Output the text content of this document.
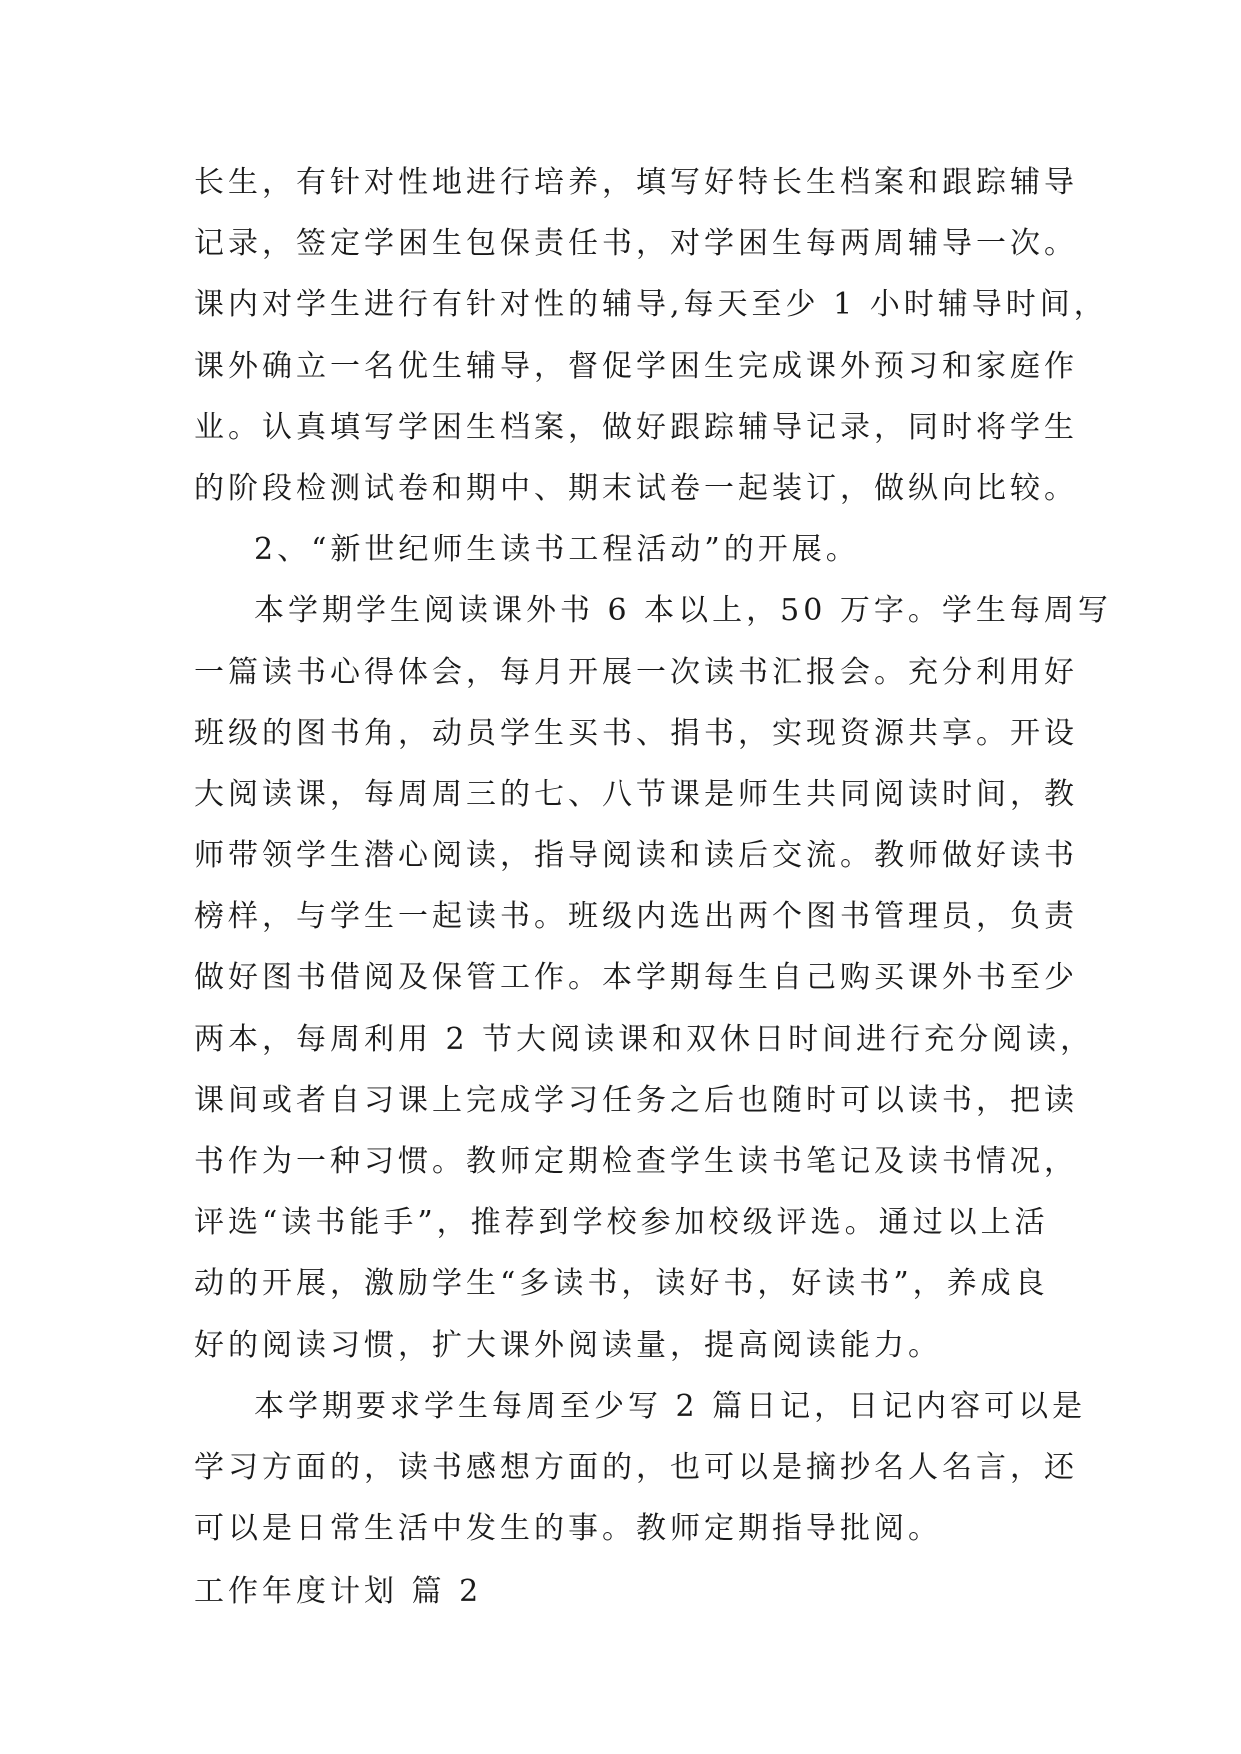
长生，有针对性地进行培养，填写好特长生档案和跟踪辅导
记录，签定学困生包保责任书，对学困生每两周辅导一次。
课内对学生进行有针对性的辅导,每天至少 1 小时辅导时间，
课外确立一名优生辅导，督促学困生完成课外预习和家庭作
业。认真填写学困生档案，做好跟踪辅导记录，同时将学生
的阶段检测试卷和期中、期末试卷一起装订，做纵向比较。
2、“新世纪师生读书工程活动”的开展。
本学期学生阅读课外书 6 本以上，50 万字。学生每周写
一篇读书心得体会，每月开展一次读书汇报会。充分利用好
班级的图书角，动员学生买书、捐书，实现资源共享。开设
大阅读课，每周周三的七、八节课是师生共同阅读时间，教
师带领学生潜心阅读，指导阅读和读后交流。教师做好读书
榜样，与学生一起读书。班级内选出两个图书管理员，负责
做好图书借阅及保管工作。本学期每生自己购买课外书至少
两本，每周利用 2 节大阅读课和双休日时间进行充分阅读，
课间或者自习课上完成学习任务之后也随时可以读书，把读
书作为一种习惯。教师定期检查学生读书笔记及读书情况，
评选“读书能手”，推荐到学校参加校级评选。通过以上活
动的开展，激励学生“多读书，读好书，好读书”，养成良
好的阅读习惯，扩大课外阅读量，提高阅读能力。
本学期要求学生每周至少写 2 篇日记，日记内容可以是
学习方面的，读书感想方面的，也可以是摘抄名人名言，还
可以是日常生活中发生的事。教师定期指导批阅。
工作年度计划 篇 2
